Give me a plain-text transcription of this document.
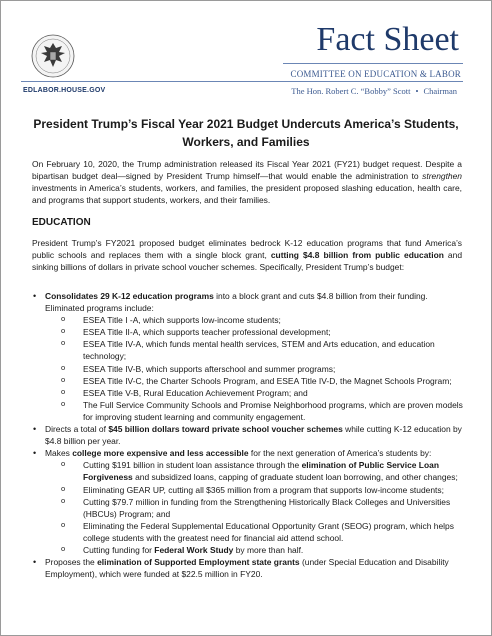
EDLABOR.HOUSE.GOV
Fact Sheet
COMMITTEE ON EDUCATION & LABOR
The Hon. Robert C. “Bobby” Scott • Chairman
President Trump’s Fiscal Year 2021 Budget Undercuts America’s Students,
Workers, and Families

On February 10, 2020, the Trump administration released its Fiscal Year 2021 (FY21) budget request. Despite a bipartisan budget deal—signed by President Trump himself—that would enable the administration to strengthen investments in America’s students, workers, and families, the president proposed slashing education, health care, and programs that support students, workers, and their families.

EDUCATION

President Trump’s FY2021 proposed budget eliminates bedrock K-12 education programs that fund America’s public schools and replaces them with a single block grant, cutting $4.8 billion from public education and sinking billions of dollars in private school voucher schemes. Specifically, President Trump’s budget:

• Consolidates 29 K-12 education programs into a block grant and cuts $4.8 billion from their funding. Eliminated programs include:
o ESEA Title I -A, which supports low-income students;
o ESEA Title II-A, which supports teacher professional development;
o ESEA Title IV-A, which funds mental health services, STEM and Arts education, and education technology;
o ESEA Title IV-B, which supports afterschool and summer programs;
o ESEA Title IV-C, the Charter Schools Program, and ESEA Title IV-D, the Magnet Schools Program;
o ESEA Title V-B, Rural Education Achievement Program; and
o The Full Service Community Schools and Promise Neighborhood programs, which are proven models for improving student learning and community engagement.
• Directs a total of $45 billion dollars toward private school voucher schemes while cutting K-12 education by $4.8 billion per year.
• Makes college more expensive and less accessible for the next generation of America’s students by:
o Cutting $191 billion in student loan assistance through the elimination of Public Service Loan Forgiveness and subsidized loans, capping of graduate student loan borrowing, and other changes;
o Eliminating GEAR UP, cutting all $365 million from a program that supports low-income students;
o Cutting $79.7 million in funding from the Strengthening Historically Black Colleges and Universities (HBCUs) Program; and
o Eliminating the Federal Supplemental Educational Opportunity Grant (SEOG) program, which helps college students with the greatest need for financial aid attend school.
o Cutting funding for Federal Work Study by more than half.
• Proposes the elimination of Supported Employment state grants (under Special Education and Disability Employment), which were funded at $22.5 million in FY20.
